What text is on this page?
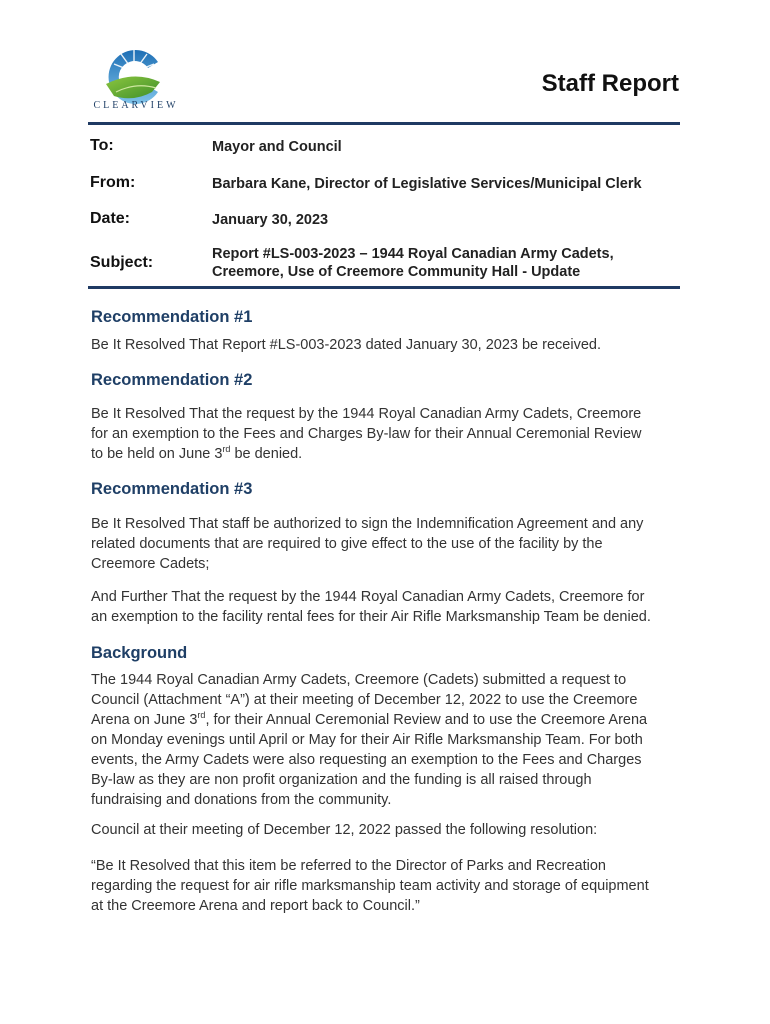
CLEARVIEW
Staff Report
To:	Mayor and Council
From:	Barbara Kane, Director of Legislative Services/Municipal Clerk
Date:	January 30, 2023
Subject:	Report #LS-003-2023 – 1944 Royal Canadian Army Cadets,
Creemore, Use of Creemore Community Hall - Update
Recommendation #1
Be It Resolved That Report #LS-003-2023 dated January 30, 2023 be received.
Recommendation #2
Be It Resolved That the request by the 1944 Royal Canadian Army Cadets, Creemore
for an exemption to the Fees and Charges By-law for their Annual Ceremonial Review
to be held on June 3rd be denied.
Recommendation #3
Be It Resolved That staff be authorized to sign the Indemnification Agreement and any
related documents that are required to give effect to the use of the facility by the
Creemore Cadets;
And Further That the request by the 1944 Royal Canadian Army Cadets, Creemore for
an exemption to the facility rental fees for their Air Rifle Marksmanship Team be denied.
Background
The 1944 Royal Canadian Army Cadets, Creemore (Cadets) submitted a request to
Council (Attachment “A”) at their meeting of December 12, 2022 to use the Creemore
Arena on June 3rd, for their Annual Ceremonial Review and to use the Creemore Arena
on Monday evenings until April or May for their Air Rifle Marksmanship Team. For both
events, the Army Cadets were also requesting an exemption to the Fees and Charges
By-law as they are non profit organization and the funding is all raised through
fundraising and donations from the community.
Council at their meeting of December 12, 2022 passed the following resolution:
“Be It Resolved that this item be referred to the Director of Parks and Recreation
regarding the request for air rifle marksmanship team activity and storage of equipment
at the Creemore Arena and report back to Council.”
